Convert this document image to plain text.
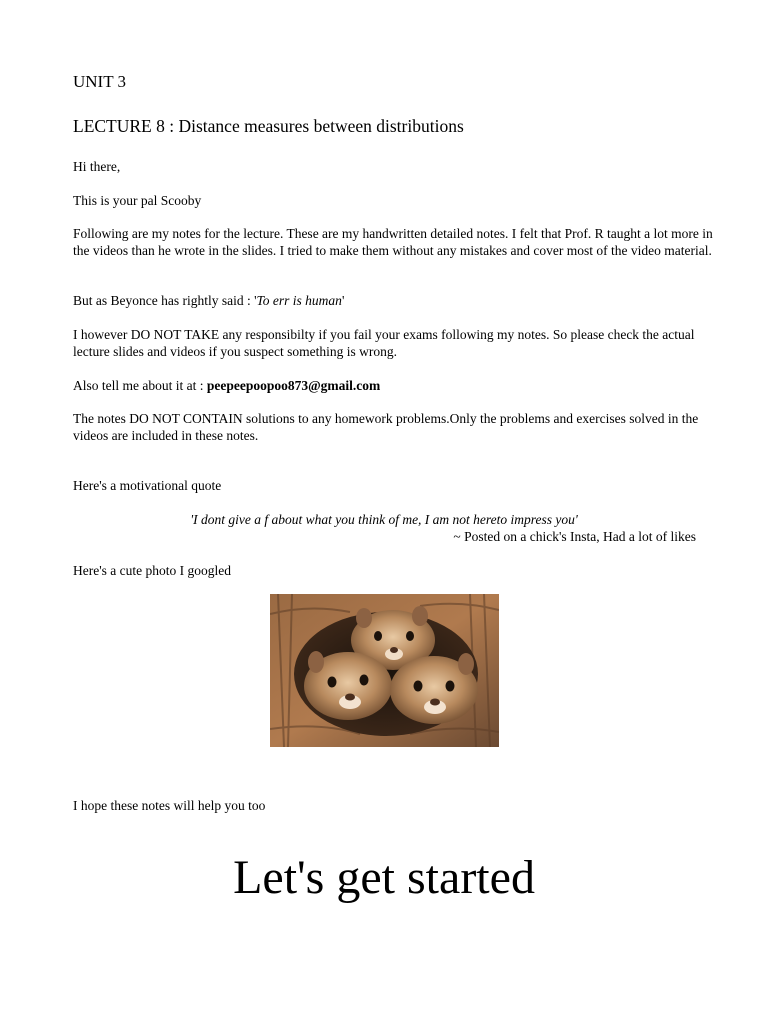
UNIT 3
LECTURE 8 : Distance measures between distributions
Hi there,
This is your pal Scooby
Following are my notes for the lecture. These are my handwritten detailed notes. I felt that Prof. R taught a lot more in the videos than he wrote in the slides. I tried to make them without any mistakes and cover most of the video material.
But as Beyonce has rightly said : 'To err is human'
I however DO NOT TAKE any responsibilty if you fail your exams following my notes. So please check the actual lecture slides and videos if you suspect something is wrong.
Also tell me about it at : peepeepoopoo873@gmail.com
The notes DO NOT CONTAIN solutions to any homework problems.Only the problems and exercises solved in the videos are included in these notes.
Here's a motivational quote
'I dont give a f about what you think of me, I am not hereto impress you'
~ Posted on a chick's Insta, Had a lot of likes
Here's a cute photo I googled
I hope these notes will help you too
Let's get started
